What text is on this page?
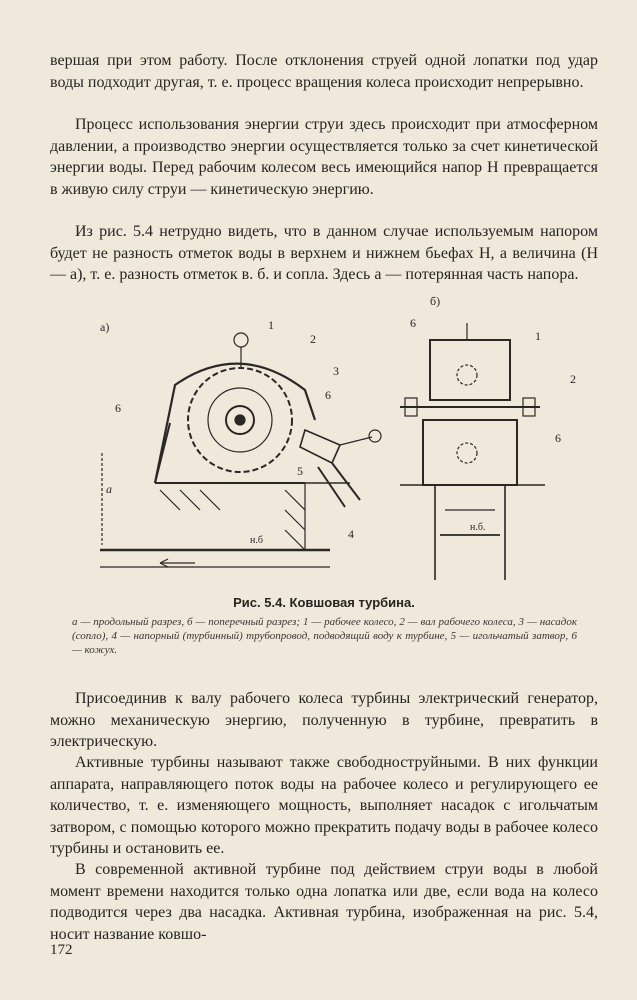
вершая при этом работу. После отклонения струей одной лопатки под удар воды подходит другая, т. е. процесс вращения колеса происходит непрерывно.

Процесс использования энергии струи здесь происходит при атмосферном давлении, а производство энергии осуществляется только за счет кинетической энергии воды. Перед рабочим колесом весь имеющийся напор H превращается в живую силу струи — кинетическую энергию.

Из рис. 5.4 нетрудно видеть, что в данном случае используемым напором будет не разность отметок воды в верхнем и нижнем бьефах H, а величина (H — a), т. е. разность отметок в. б. и сопла. Здесь a — потерянная часть напора.

a)
б)
1
2
3
4
5
6
6
1
2
6
6
a
н.б
н.б.
Рис. 5.4. Ковшовая турбина.
a — продольный разрез, б — поперечный разрез; 1 — рабочее колесо, 2 — вал рабочего колеса, 3 — насадок (сопло), 4 — напорный (турбинный) трубопровод, подводящий воду к турбине, 5 — игольчатый затвор, 6 — кожух.

Присоединив к валу рабочего колеса турбины электрический генератор, можно механическую энергию, полученную в турбине, превратить в электрическую.

Активные турбины называют также свободноструйными. В них функции аппарата, направляющего поток воды на рабочее колесо и регулирующего ее количество, т. е. изменяющего мощность, выполняет насадок с игольчатым затвором, с помощью которого можно прекратить подачу воды в рабочее колесо турбины и остановить ее.

В современной активной турбине под действием струи воды в любой момент времени находится только одна лопатка или две, если вода на колесо подводится через два насадка. Активная турбина, изображенная на рис. 5.4, носит название ковшо-

172
